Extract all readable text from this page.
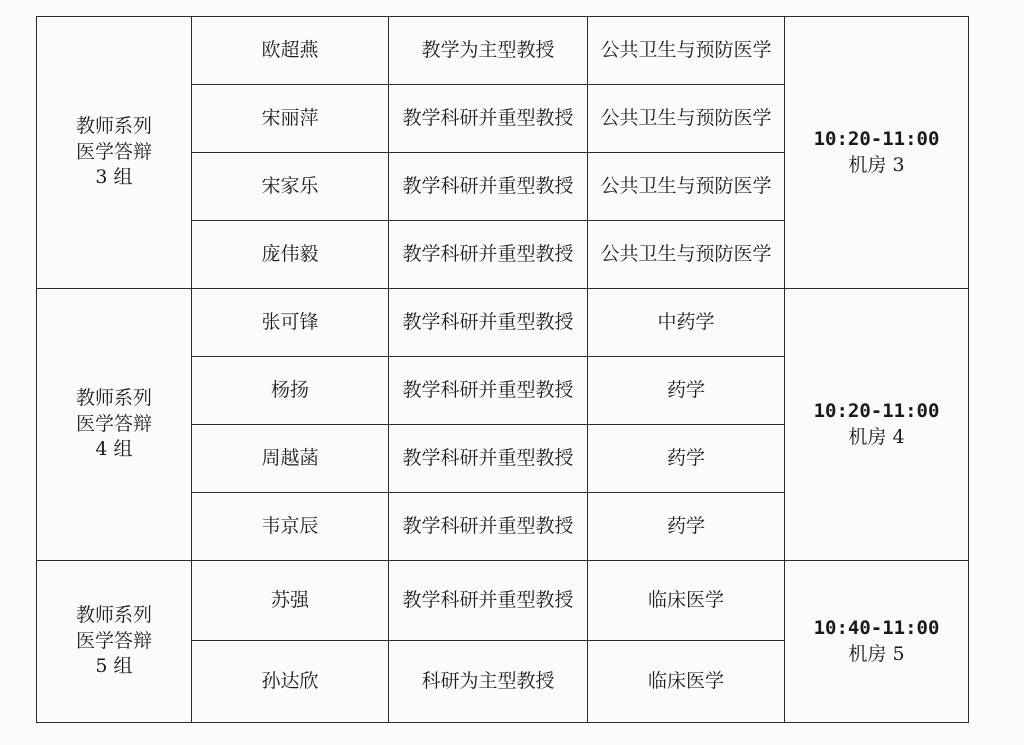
教师系列
医学答辩
3 组	欧超燕	教学为主型教授	公共卫生与预防医学	10:20-11:00
机房 3

	宋丽萍	教学科研并重型教授	公共卫生与预防医学	
	宋家乐	教学科研并重型教授	公共卫生与预防医学	
	庞伟毅	教学科研并重型教授	公共卫生与预防医学	

教师系列
医学答辩
4 组	张可锋	教学科研并重型教授	中药学	10:20-11:00
机房 4

	杨扬	教学科研并重型教授	药学	
	周越菡	教学科研并重型教授	药学	
	韦京辰	教学科研并重型教授	药学	

教师系列
医学答辩
5 组	苏强	教学科研并重型教授	临床医学	10:40-11:00
机房 5

	孙达欣	科研为主型教授	临床医学	
